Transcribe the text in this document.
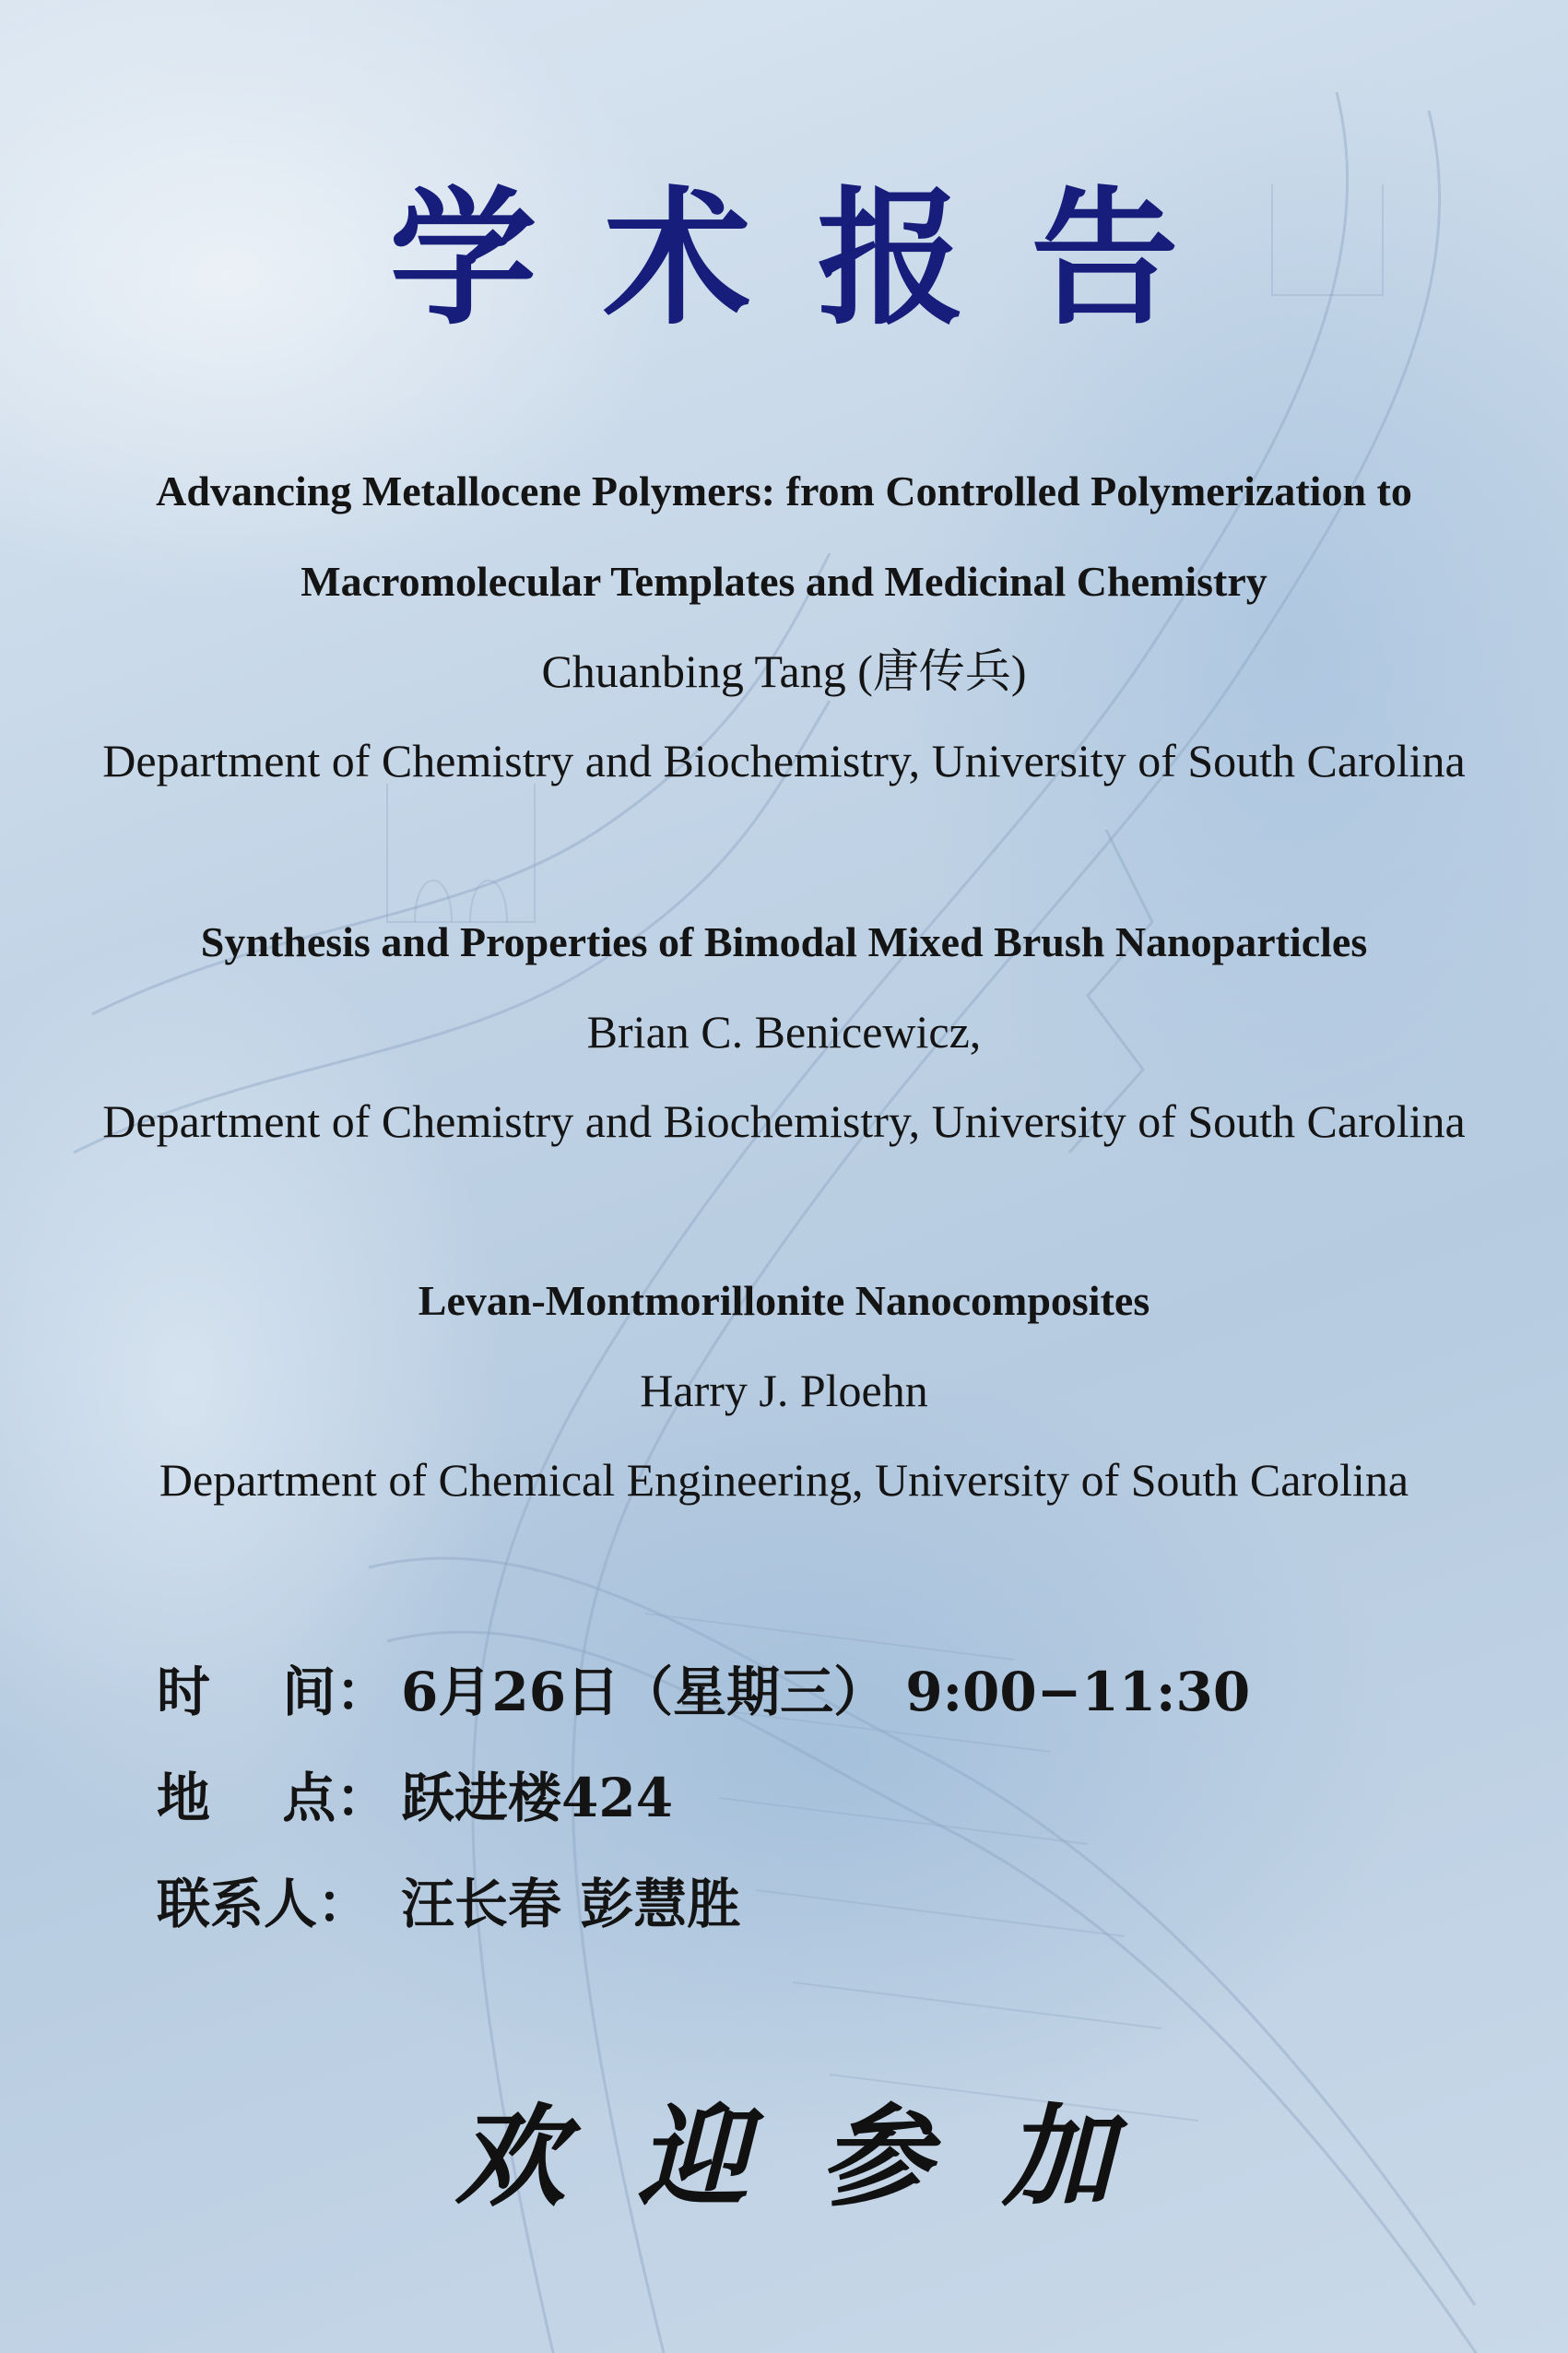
学术报告
Advancing Metallocene Polymers: from Controlled Polymerization to
Macromolecular Templates and Medicinal Chemistry
Chuanbing Tang (唐传兵)
Department of Chemistry and Biochemistry, University of South Carolina
Synthesis and Properties of Bimodal Mixed Brush Nanoparticles
Brian C. Benicewicz,
Department of Chemistry and Biochemistry, University of South Carolina
Levan-Montmorillonite Nanocomposites
Harry J. Ploehn
Department of Chemical Engineering, University of South Carolina
时　 间： 6月26日（星期三） 9:00−11:30
地　 点： 跃进楼424
联系人： 汪长春 彭慧胜
欢迎参加
